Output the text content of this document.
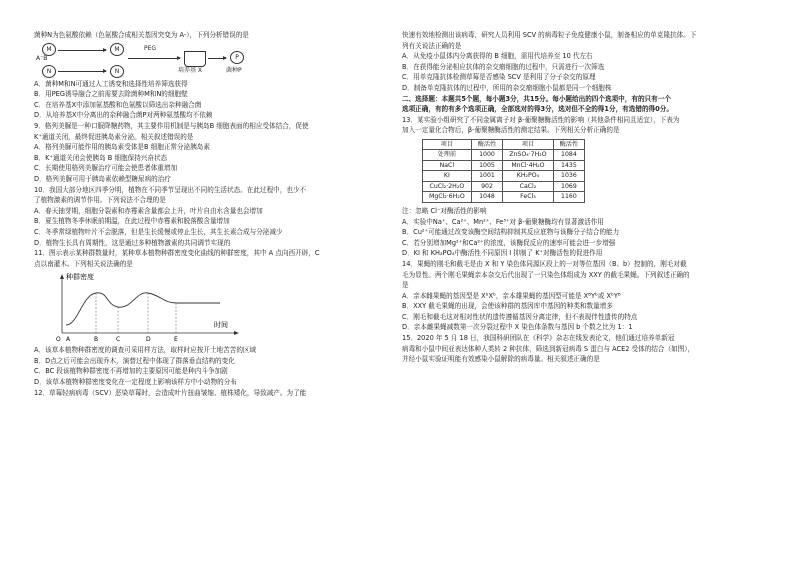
菌种N为色氨酸依赖（色氨酸合成相关基因突变为 A-），下列分析错误的是
M
A⁻B
N
M
N
PEG
培养基 X
P
菌种P
A．菌种M和N可通过人工诱变和选择性培养筛选获得
B．用PEG诱导融合之前需要去除菌种M和N的细胞壁
C．在培养基X中添加氨基酸和色氨酸以筛选出杂种融合菌
D．从培养基X中分离出的杂种融合菌P对两种氨基酸均不依赖
9．格列美脲是一种口服降糖药物，其主要作用机制是与胰岛B 细胞表面的相应受体结合，促使
K⁺通道关闭，最终促进胰岛素分泌。相关叙述错误的是
A．格列美脲可能作用的胰岛素受体是B 细胞正常分泌胰岛素
B．K⁺通道关闭会使胰岛 B 细胞保持兴奋状态
C．长期使用格列美脲治疗可能会使患者体重增加
D．格列美脲可用于胰岛素依赖型糖尿病的治疗
10．我国大部分地区四季分明，植物在不同季节呈现出不同的生活状态。在此过程中，也少不
了植物激素的调节作用。下列说法不合理的是
A．春天抽芽期，细胞分裂素和赤霉素含量都会上升，叶片自由水含量也会增加
B．夏生植物冬季休眠前期温，在此过程中赤霉素和脱落酸含量增加
C．冬季常绿植物叶片不会脱落，但是生长缓慢或停止生长，其生长素合成与分泌减少
D．植物生长具有周期性，这是通过多种植物激素的共同调节实现的
11．图示表示某种群数量时，某种草本植物种群密度变化曲线的种群密度，其中 A 点向西开辟，C
点以南灌木。下列相关说法确的是
种群密度
时间
O A	B	C	D	E
A．该草本植物种群密度的调查可采用样方法，取样时应按开土地苦苦的区域
B．D点之后可能会出现乔木，演替过程中体现了群落垂直结构的变化
C．BC 段该植物种群密度不再增加的主要原因可能是种内斗争加剧
D．该草本植物种群密度变化在一定程度上影响该样方中小动物的分布
12．草莓轻病病毒（SCV）恶染草莓时，会造成叶片扭曲皱缩、植株矮化，导致减产。为了能
快速有效地检测出该病毒，研究人员利用 SCV 的病毒粒子免疫健康小鼠，制备相应的单克隆抗体。下
列有关说法正确的是
A．从免疫小鼠体内分离获得的 B 细胞，需用代培养至 10 代左右
B．在获得能分泌相应抗体的杂交瘤细胞的过程中，只需进行一次筛选
C．用单克隆抗体检测草莓是否感染 SCV 是利用了分子杂交的原理
D．制备单克隆抗体的过程中，所用的杂交瘤细胞小鼠都是同一个细胞株
二、选择题：本题共5个题，每小题3分，共15分。每小题给出的四个选项中，有的只有一个
选项正确，有的有多个选项正确，全部选对的得3分，选对但不全的得1分，有选错的得0分。
13．某实验小组研究了不同金属离子对 β-葡聚糖酶活性的影响（其他条件相同且适宜），下表为
加入一定量化合物后，β-葡聚糖酶活性的测定结果。下列相关分析正确的是
项目	酶活性	项目	酶活性
处理前	1000	ZnSO₄·7H₂O	1084
NaCl	1005	MnCl·4H₂O	1435
KI	1001	KH₂PO₄	1036
CuCl₂·2H₂O	902	CaCl₂	1069
MgCl₂·6H₂O	1048	FeCl₃	1160
注：忽略 Cl⁻对酶活性的影响
A．实验中Na⁺、Ca²⁺、Mn²⁺、Fe³⁺对 β-葡聚糖酶均有显著激活作用
B．Cu²⁺可能通过改变该酶空间结构抑制其反应底物与该酶分子结合的能力
C．若分别增加Mg²⁺和Ca²⁺的浓度，该酶促反应的速率可能会进一步增强
D．KI 和 KH₂PO₄中酶活性不同原因 I 抑制了 K⁺对酶活性的促进作用
14．果蝇的刚毛和截毛是由 X 和 Y 染色体同源区段上的一对等位基因（B、b）控制的，刚毛对截
毛为显性。两个刚毛果蝇亲本杂交后代出现了一只染色体组成为 XXY 的截毛果蝇。下列叙述正确的
是
A．亲本雌果蝇的基因型是 XᵇXᵇ，亲本雄果蝇的基因型可能是 XᴮYᵇ或 XᵇYᴮ
B．XXY 截毛果蝇的出现，会使该种群的基因库中基因的种类和数量增多
C．刚毛和截毛这对相对性状的遗传遵循基因分离定律，但不表现伴性遗传的特点
D．亲本雌果蝇减数第一次分裂过程中 X 染色体条数与基因 b 个数之比为 1：1
15．2020 年 5 月 18 日，我国科研团队在《科学》杂志在线发表论文，他们通过培养单新冠
病毒和小鼠中间亚表达体种人类转 2 种抗体，筛选到新冠病毒 S 蛋白与 ACE2 受体的结合（如图），
并经小鼠实验证明能有效感染小鼠解除的病毒量。相关叙述正确的是
